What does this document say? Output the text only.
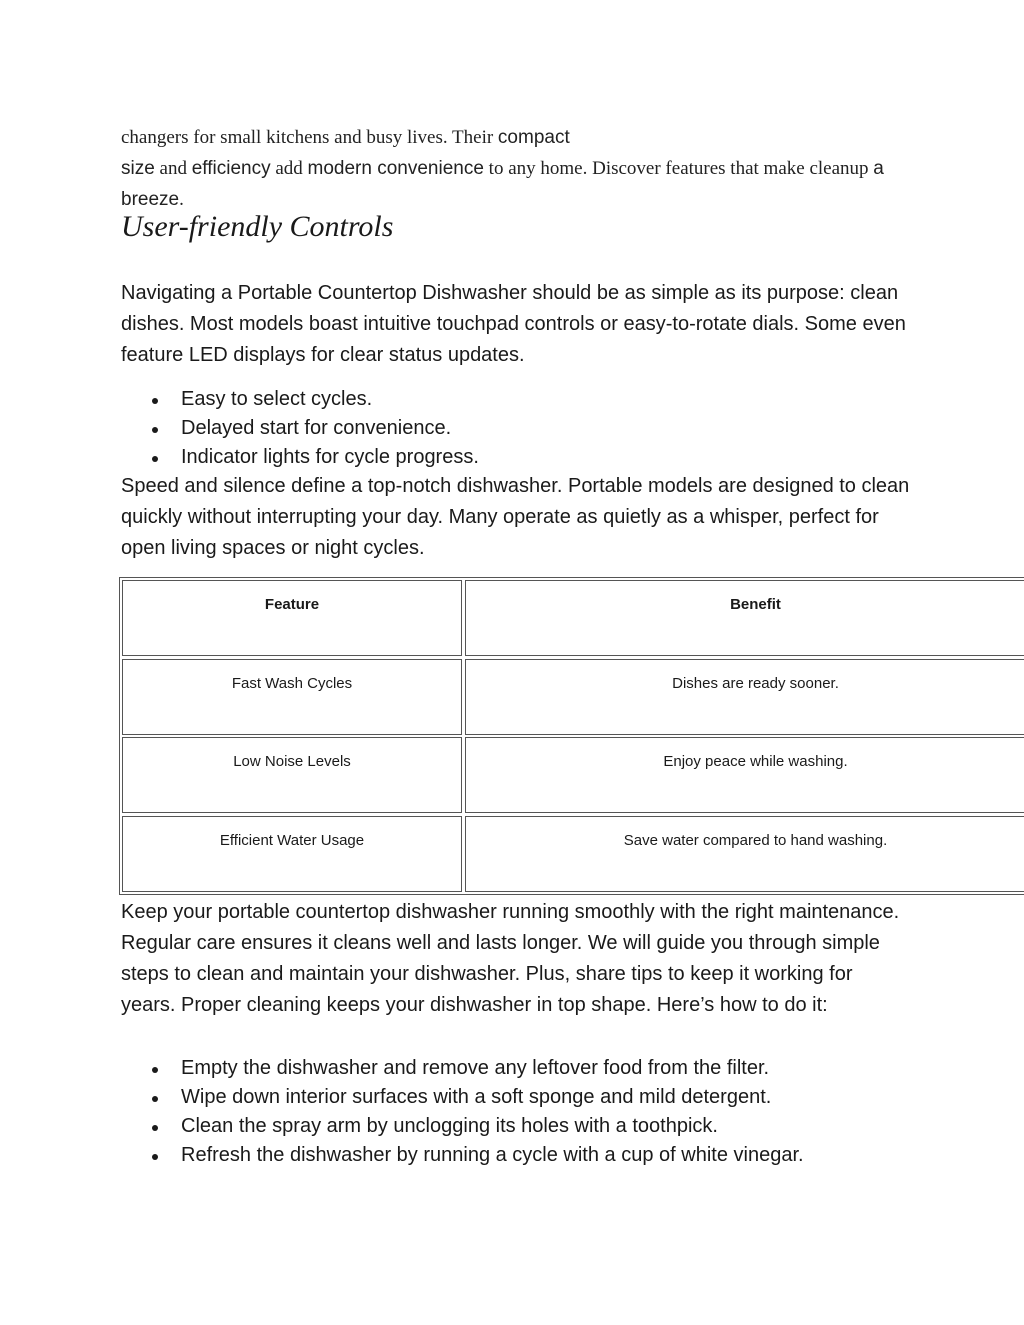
changers for small kitchens and busy lives. Their compact
size and efficiency add modern convenience to any home. Discover features that make cleanup a breeze.
User-friendly Controls

Navigating a Portable Countertop Dishwasher should be as simple as its purpose: clean dishes. Most models boast intuitive touchpad controls or easy-to-rotate dials. Some even feature LED displays for clear status updates.

Easy to select cycles.
Delayed start for convenience.
Indicator lights for cycle progress.

Speed and silence define a top-notch dishwasher. Portable models are designed to clean quickly without interrupting your day. Many operate as quietly as a whisper, perfect for open living spaces or night cycles.

Feature	Benefit
Fast Wash Cycles	Dishes are ready sooner.
Low Noise Levels	Enjoy peace while washing.
Efficient Water Usage	Save water compared to hand washing.

Keep your portable countertop dishwasher running smoothly with the right maintenance. Regular care ensures it cleans well and lasts longer. We will guide you through simple steps to clean and maintain your dishwasher. Plus, share tips to keep it working for years. Proper cleaning keeps your dishwasher in top shape. Here’s how to do it:

Empty the dishwasher and remove any leftover food from the filter.
Wipe down interior surfaces with a soft sponge and mild detergent.
Clean the spray arm by unclogging its holes with a toothpick.
Refresh the dishwasher by running a cycle with a cup of white vinegar.
